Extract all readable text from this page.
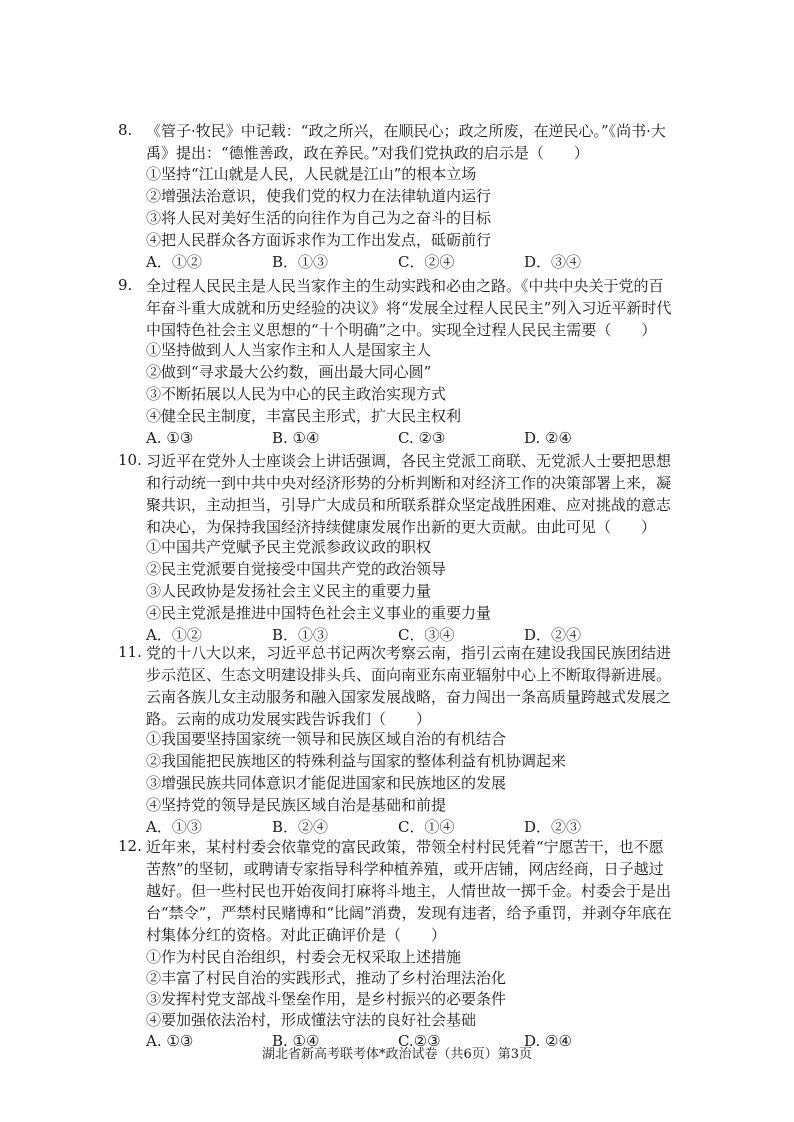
8. 《管子·牧民》中记载：“政之所兴，在顺民心；政之所废，在逆民心。”《尚书·大禹》提出：“德惟善政，政在养民。”对我们党执政的启示是（　　）

①坚持“江山就是人民，人民就是江山”的根本立场
②增强法治意识，使我们党的权力在法律轨道内运行
③将人民对美好生活的向往作为自己为之奋斗的目标
④把人民群众各方面诉求作为工作出发点，砥砺前行
A．①②	B．①③	C．②④	D．③④
9. 全过程人民民主是人民当家作主的生动实践和必由之路。《中共中央关于党的百年奋斗重大成就和历史经验的决议》将“发展全过程人民民主”列入习近平新时代中国特色社会主义思想的“十个明确”之中。实现全过程人民民主需要（　　）

①坚持做到人人当家作主和人人是国家主人
②做到“寻求最大公约数，画出最大同心圆”
③不断拓展以人民为中心的民主政治实现方式
④健全民主制度，丰富民主形式，扩大民主权利
A. ①③	B. ①④	C. ②③	D. ②④
10. 习近平在党外人士座谈会上讲话强调，各民主党派工商联、无党派人士要把思想和行动统一到中共中央对经济形势的分析判断和对经济工作的决策部署上来，凝聚共识，主动担当，引导广大成员和所联系群众坚定战胜困难、应对挑战的意志和决心，为保持我国经济持续健康发展作出新的更大贡献。由此可见（　　）

①中国共产党赋予民主党派参政议政的职权
②民主党派要自觉接受中国共产党的政治领导
③人民政协是发扬社会主义民主的重要力量
④民主党派是推进中国特色社会主义事业的重要力量
A．①②	B．①③	C．③④	D．②④
11. 党的十八大以来，习近平总书记两次考察云南，指引云南在建设我国民族团结进步示范区、生态文明建设排头兵、面向南亚东南亚辐射中心上不断取得新进展。云南各族儿女主动服务和融入国家发展战略，奋力闯出一条高质量跨越式发展之路。云南的成功发展实践告诉我们（　　）

①我国要坚持国家统一领导和民族区域自治的有机结合
②我国能把民族地区的特殊利益与国家的整体利益有机协调起来
③增强民族共同体意识才能促进国家和民族地区的发展
④坚持党的领导是民族区域自治是基础和前提
A．①③	B．②④	C．①④	D．②③
12. 近年来，某村村委会依靠党的富民政策，带领全村村民凭着“宁愿苦干，也不愿苦熬”的坚韧，或聘请专家指导科学种植养殖，或开店铺，网店经商，日子越过越好。但一些村民也开始夜间打麻将斗地主，人情世故一掷千金。村委会于是出台“禁令”，严禁村民赌博和“比阔”消费，发现有违者，给予重罚，并剥夺年底在村集体分红的资格。对此正确评价是（　　）

①作为村民自治组织，村委会无权采取上述措施
②丰富了村民自治的实践形式，推动了乡村治理法治化
③发挥村党支部战斗堡垒作用，是乡村振兴的必要条件
④要加强依法治村，形成懂法守法的良好社会基础
A. ①③	B. ①④	C.②③	D. ②④
湖北省新高考联考体*政治试卷（共6页）第3页
